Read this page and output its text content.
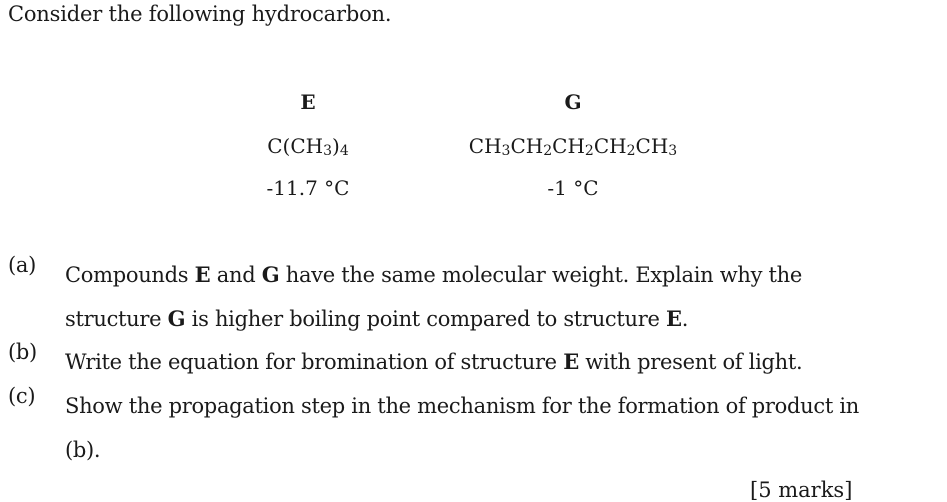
Consider the following hydrocarbon.
E
$C(CH_3)_4$
-11.7 °C
G
$CH_3CH_2CH_2CH_2CH_3$
-1 °C
(a) Compounds E and G have the same molecular weight. Explain why the structure G is higher boiling point compared to structure E.
(b) Write the equation for bromination of structure E with present of light.
(c) Show the propagation step in the mechanism for the formation of product in (b).
[5 marks]
